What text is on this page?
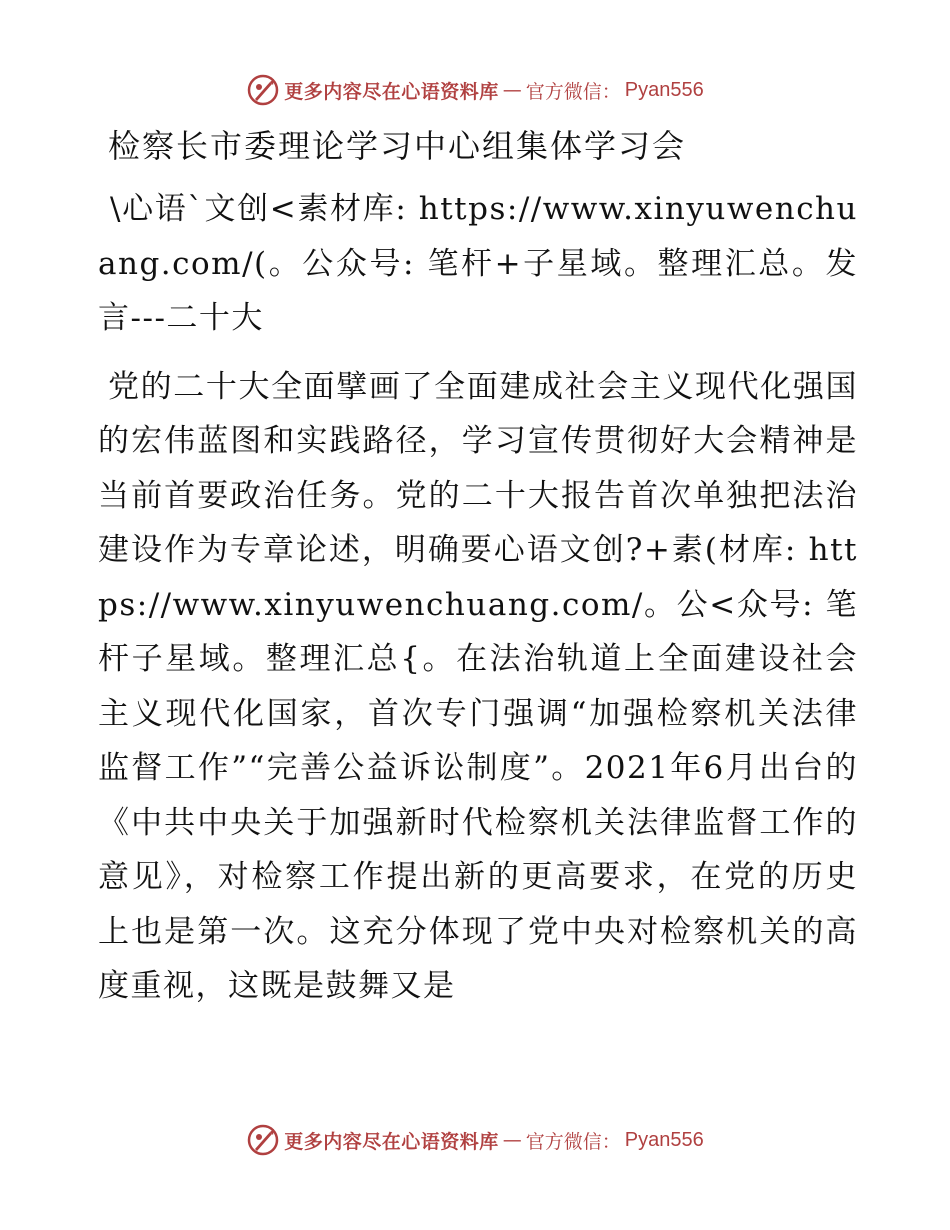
更多内容尽在心语资料库 — 官方微信： Pyan556
检察长市委理论学习中心组集体学习会

\心语`文创<素材库: https://www.xinyuwenchuang.com/(。公众号: 笔杆+子星域。整理汇总。发言---二十大

党的二十大全面擘画了全面建成社会主义现代化强国的宏伟蓝图和实践路径，学习宣传贯彻好大会精神是当前首要政治任务。党的二十大报告首次单独把法治建设作为专章论述，明确要心语文创?+素(材库: https://www.xinyuwenchuang.com/。公<众号: 笔杆子星域。整理汇总{。在法治轨道上全面建设社会主义现代化国家，首次专门强调“加强检察机关法律监督工作”“完善公益诉讼制度”。2021年6月出台的《中共中央关于加强新时代检察机关法律监督工作的意见》，对检察工作提出新的更高要求，在党的历史上也是第一次。这充分体现了党中央对检察机关的高度重视，这既是鼓舞又是

更多内容尽在心语资料库 — 官方微信： Pyan556
